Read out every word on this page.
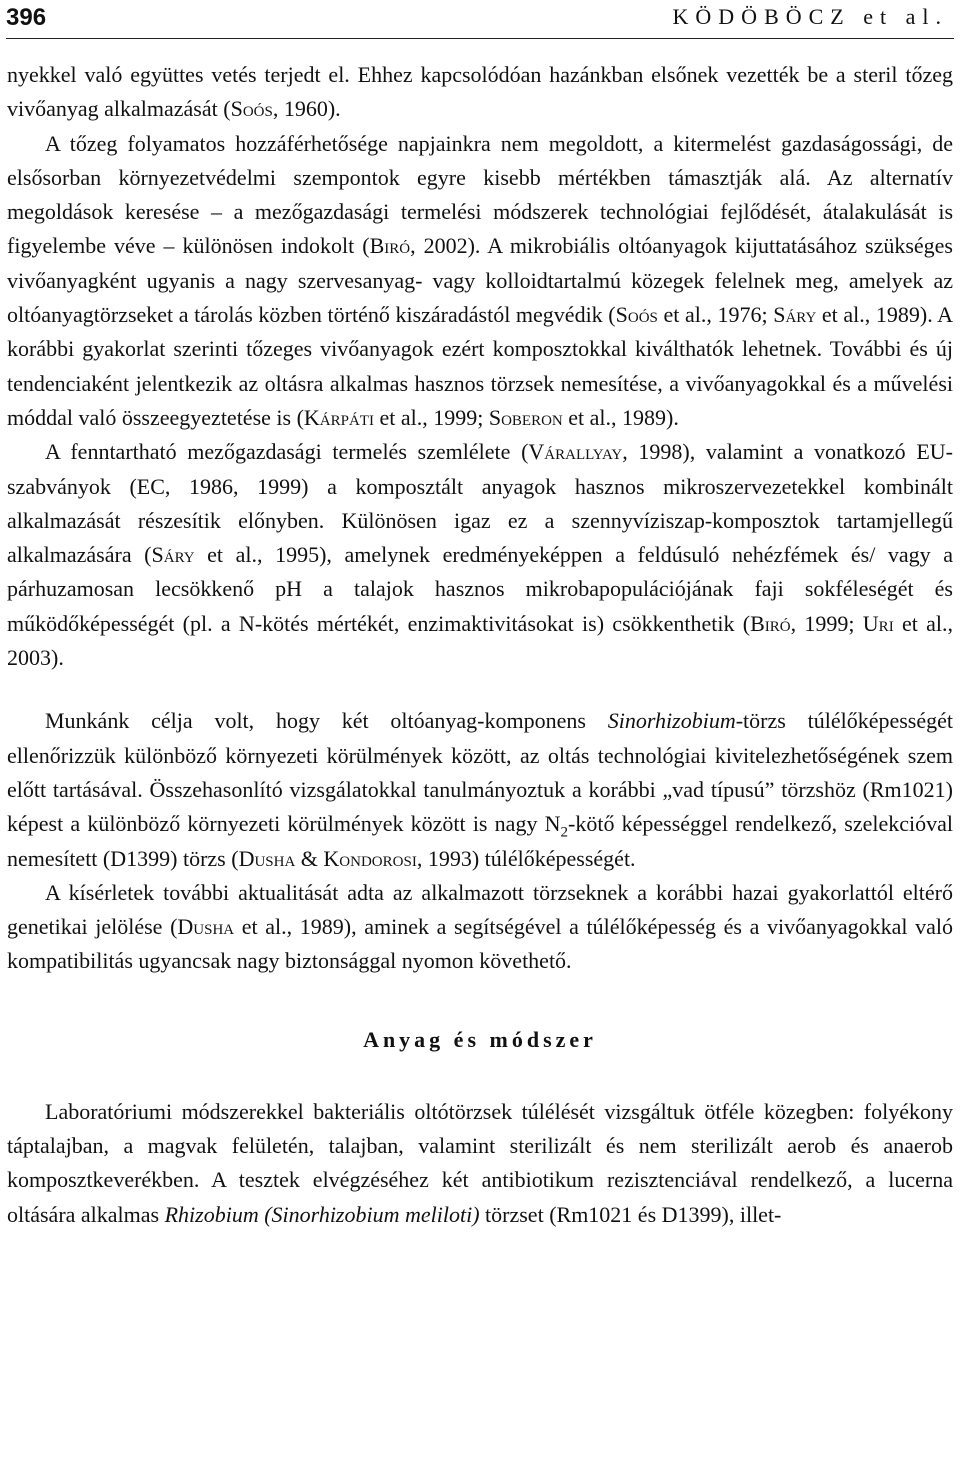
396	KÖDÖBÖCZ et al.

nyekkel való együttes vetés terjedt el. Ehhez kapcsolódóan hazánkban elsőnek vezették be a steril tőzeg vivőanyag alkalmazását (Soós, 1960).

A tőzeg folyamatos hozzáférhetősége napjainkra nem megoldott, a kitermelést gazdaságossági, de elsősorban környezetvédelmi szempontok egyre kisebb mértékben támasztják alá. Az alternatív megoldások keresése – a mezőgazdasági termelési módszerek technológiai fejlődését, átalakulását is figyelembe véve – különösen indokolt (Biró, 2002). A mikrobiális oltóanyagok kijuttatásához szükséges vivőanyagként ugyanis a nagy szervesanyag- vagy kolloidtartalmú közegek felelnek meg, amelyek az oltóanyagtörzseket a tárolás közben történő kiszáradástól megvédik (Soós et al., 1976; Sáry et al., 1989). A korábbi gyakorlat szerinti tőzeges vivőanyagok ezért komposztokkal kiválthatók lehetnek. További és új tendenciaként jelentkezik az oltásra alkalmas hasznos törzsek nemesítése, a vivőanyagokkal és a művelési móddal való összeegyeztetése is (Kárpáti et al., 1999; Soberon et al., 1989).

A fenntartható mezőgazdasági termelés szemlélete (Várallyay, 1998), valamint a vonatkozó EU-szabványok (EC, 1986, 1999) a komposztált anyagok hasznos mikroszervezetekkel kombinált alkalmazását részesítik előnyben. Különösen igaz ez a szennyvíziszap-komposztok tartamjellegű alkalmazására (Sáry et al., 1995), amelynek eredményeképpen a feldúsuló nehézfémek és/ vagy a párhuzamosan lecsökkenő pH a talajok hasznos mikrobapopulációjának faji sokféleségét és működőképességét (pl. a N-kötés mértékét, enzimaktivitásokat is) csökkenthetik (Biró, 1999; Uri et al., 2003).

Munkánk célja volt, hogy két oltóanyag-komponens Sinorhizobium-törzs túlélőképességét ellenőrizzük különböző környezeti körülmények között, az oltás technológiai kivitelezhetőségének szem előtt tartásával. Összehasonlító vizsgálatokkal tanulmányoztuk a korábbi „vad típusú” törzshöz (Rm1021) képest a különböző környezeti körülmények között is nagy $N_2$-kötő képességgel rendelkező, szelekcióval nemesített (D1399) törzs (Dusha & Kondorosi, 1993) túlélőképességét.

A kísérletek további aktualitását adta az alkalmazott törzseknek a korábbi hazai gyakorlattól eltérő genetikai jelölése (Dusha et al., 1989), aminek a segítségével a túlélőképesség és a vivőanyagokkal való kompatibilitás ugyancsak nagy biztonsággal nyomon követhető.

Anyag és módszer

Laboratóriumi módszerekkel bakteriális oltótörzsek túlélését vizsgáltuk ötféle közegben: folyékony táptalajban, a magvak felületén, talajban, valamint sterilizált és nem sterilizált aerob és anaerob komposztkeverékben. A tesztek elvégzéséhez két antibiotikum rezisztenciával rendelkező, a lucerna oltására alkalmas Rhizobium (Sinorhizobium meliloti) törzset (Rm1021 és D1399), illet-
